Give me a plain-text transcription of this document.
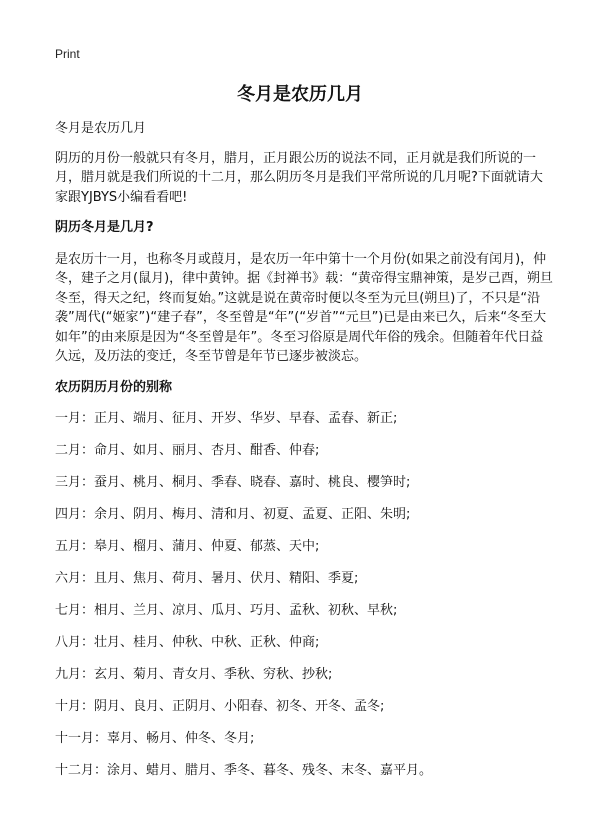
Print
冬月是农历几月

冬月是农历几月

阴历的月份一般就只有冬月，腊月，正月跟公历的说法不同，正月就是我们所说的一月，腊月就是我们所说的十二月，那么阴历冬月是我们平常所说的几月呢?下面就请大家跟YJBYS小编看看吧!

阴历冬月是几月?

是农历十一月，也称冬月或葭月，是农历一年中第十一个月份(如果之前没有闰月)，仲冬，建子之月(鼠月)，律中黄钟。据《封禅书》载：“黄帝得宝鼎神策，是岁己酉，朔旦冬至，得天之纪，终而复始。”这就是说在黄帝时便以冬至为元旦(朔旦)了，不只是“沿袭”周代(“姬家”)“建子春”，冬至曾是“年”(“岁首”“元旦”)已是由来已久，后来“冬至大如年”的由来原是因为“冬至曾是年”。冬至习俗原是周代年俗的残余。但随着年代日益久远，及历法的变迁，冬至节曾是年节已逐步被淡忘。

农历阴历月份的别称

一月：正月、端月、征月、开岁、华岁、早春、孟春、新正;
二月：命月、如月、丽月、杏月、酣香、仲春;
三月：蚕月、桃月、桐月、季春、晓春、嘉时、桃良、樱笋时;
四月：余月、阴月、梅月、清和月、初夏、孟夏、正阳、朱明;
五月：皋月、榴月、蒲月、仲夏、郁蒸、天中;
六月：且月、焦月、荷月、暑月、伏月、精阳、季夏;
七月：相月、兰月、凉月、瓜月、巧月、孟秋、初秋、早秋;
八月：壮月、桂月、仲秋、中秋、正秋、仲商;
九月：玄月、菊月、青女月、季秋、穷秋、抄秋;
十月：阴月、良月、正阴月、小阳春、初冬、开冬、孟冬;
十一月：辜月、畅月、仲冬、冬月;
十二月：涂月、蜡月、腊月、季冬、暮冬、残冬、末冬、嘉平月。
